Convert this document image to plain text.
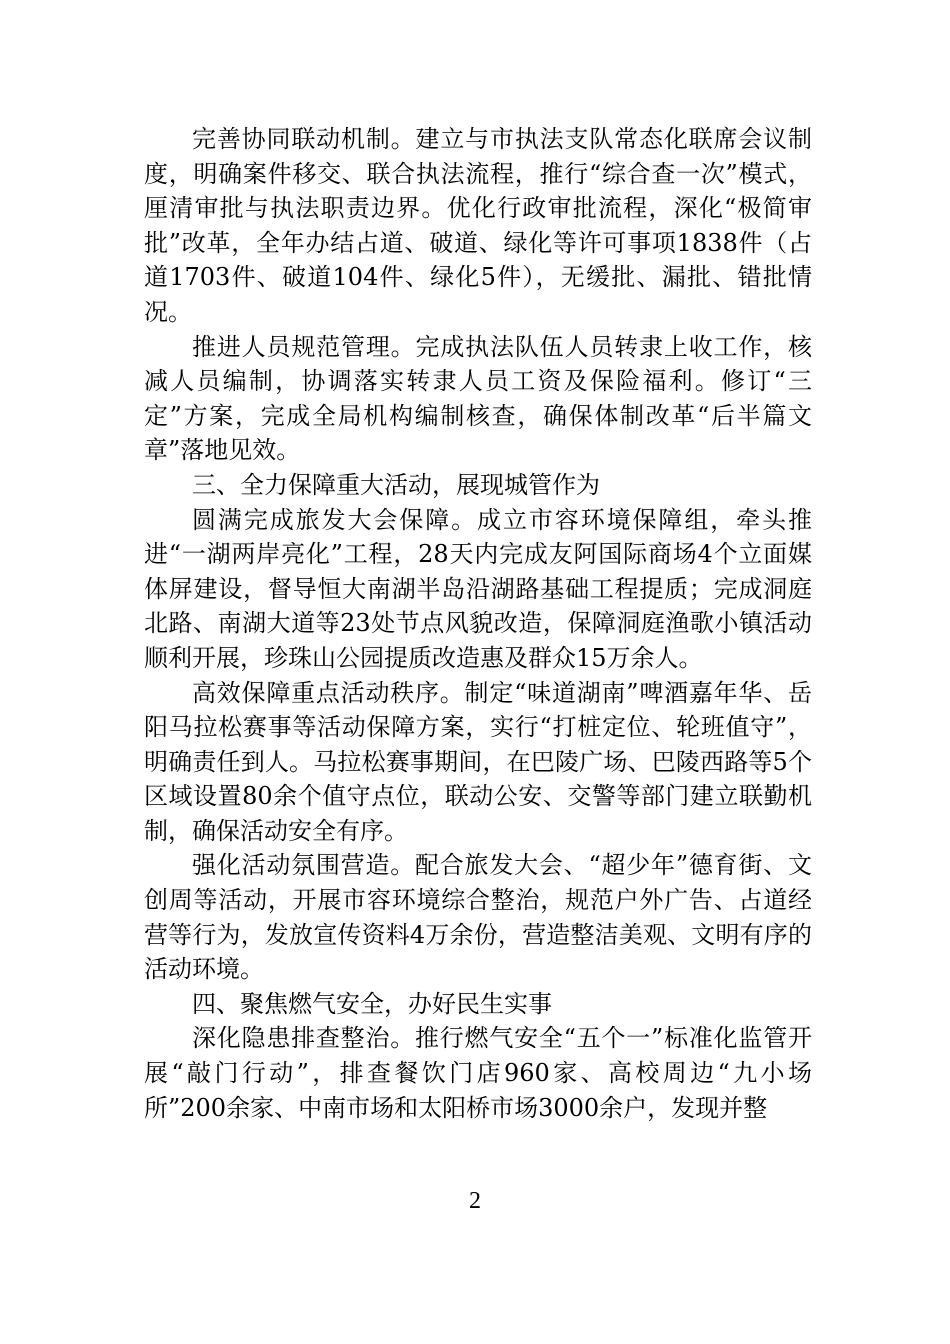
完善协同联动机制。建立与市执法支队常态化联席会议制度，明确案件移交、联合执法流程，推行“综合查一次”模式，厘清审批与执法职责边界。优化行政审批流程，深化“极简审批”改革，全年办结占道、破道、绿化等许可事项1838件（占道1703件、破道104件、绿化5件），无缓批、漏批、错批情况。

推进人员规范管理。完成执法队伍人员转隶上收工作，核减人员编制，协调落实转隶人员工资及保险福利。修订“三定”方案，完成全局机构编制核查，确保体制改革“后半篇文章”落地见效。

三、全力保障重大活动，展现城管作为

圆满完成旅发大会保障。成立市容环境保障组，牵头推进“一湖两岸亮化”工程，28天内完成友阿国际商场4个立面媒体屏建设，督导恒大南湖半岛沿湖路基础工程提质；完成洞庭北路、南湖大道等23处节点风貌改造，保障洞庭渔歌小镇活动顺利开展，珍珠山公园提质改造惠及群众15万余人。

高效保障重点活动秩序。制定“味道湖南”啤酒嘉年华、岳阳马拉松赛事等活动保障方案，实行“打桩定位、轮班值守”，明确责任到人。马拉松赛事期间，在巴陵广场、巴陵西路等5个区域设置80余个值守点位，联动公安、交警等部门建立联勤机制，确保活动安全有序。

强化活动氛围营造。配合旅发大会、“超少年”德育街、文创周等活动，开展市容环境综合整治，规范户外广告、占道经营等行为，发放宣传资料4万余份，营造整洁美观、文明有序的活动环境。

四、聚焦燃气安全，办好民生实事

深化隐患排查整治。推行燃气安全“五个一”标准化监管开展“敲门行动”，排查餐饮门店960家、高校周边“九小场所”200余家、中南市场和太阳桥市场3000余户，发现并整

2
